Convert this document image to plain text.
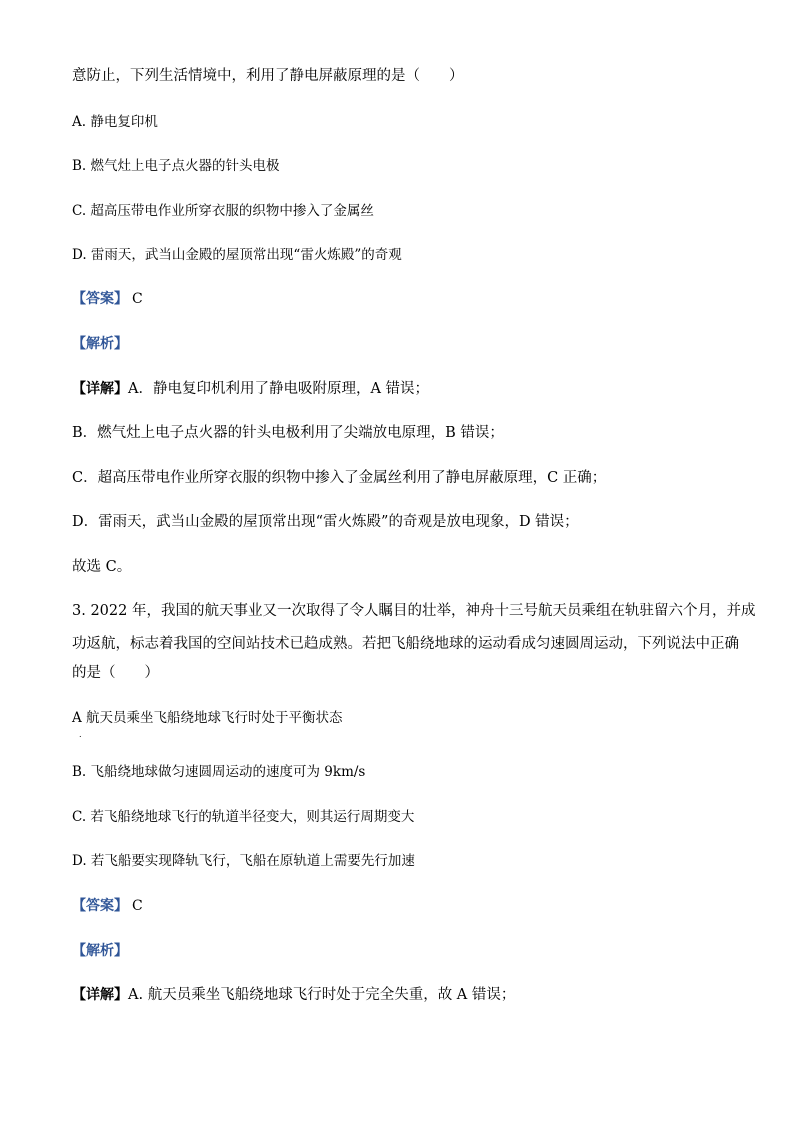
意防止，下列生活情境中，利用了静电屏蔽原理的是（　　）
A. 静电复印机
B. 燃气灶上电子点火器的针头电极
C. 超高压带电作业所穿衣服的织物中掺入了金属丝
D. 雷雨天，武当山金殿的屋顶常出现“雷火炼殿”的奇观
【答案】 C
【解析】
【详解】A．静电复印机利用了静电吸附原理，A 错误；
B．燃气灶上电子点火器的针头电极利用了尖端放电原理，B 错误；
C．超高压带电作业所穿衣服的织物中掺入了金属丝利用了静电屏蔽原理，C 正确；
D．雷雨天，武当山金殿的屋顶常出现“雷火炼殿”的奇观是放电现象，D 错误；
故选 C。
3. 2022 年，我国的航天事业又一次取得了令人瞩目的壮举，神舟十三号航天员乘组在轨驻留六个月，并成
功返航，标志着我国的空间站技术已趋成熟。若把飞船绕地球的运动看成匀速圆周运动，下列说法中正确
的是（　　）
A 航天员乘坐飞船绕地球飞行时处于平衡状态
.
B. 飞船绕地球做匀速圆周运动的速度可为 9km/s
C. 若飞船绕地球飞行的轨道半径变大，则其运行周期变大
D. 若飞船要实现降轨飞行，飞船在原轨道上需要先行加速
【答案】 C
【解析】
【详解】A. 航天员乘坐飞船绕地球飞行时处于完全失重，故 A 错误；
